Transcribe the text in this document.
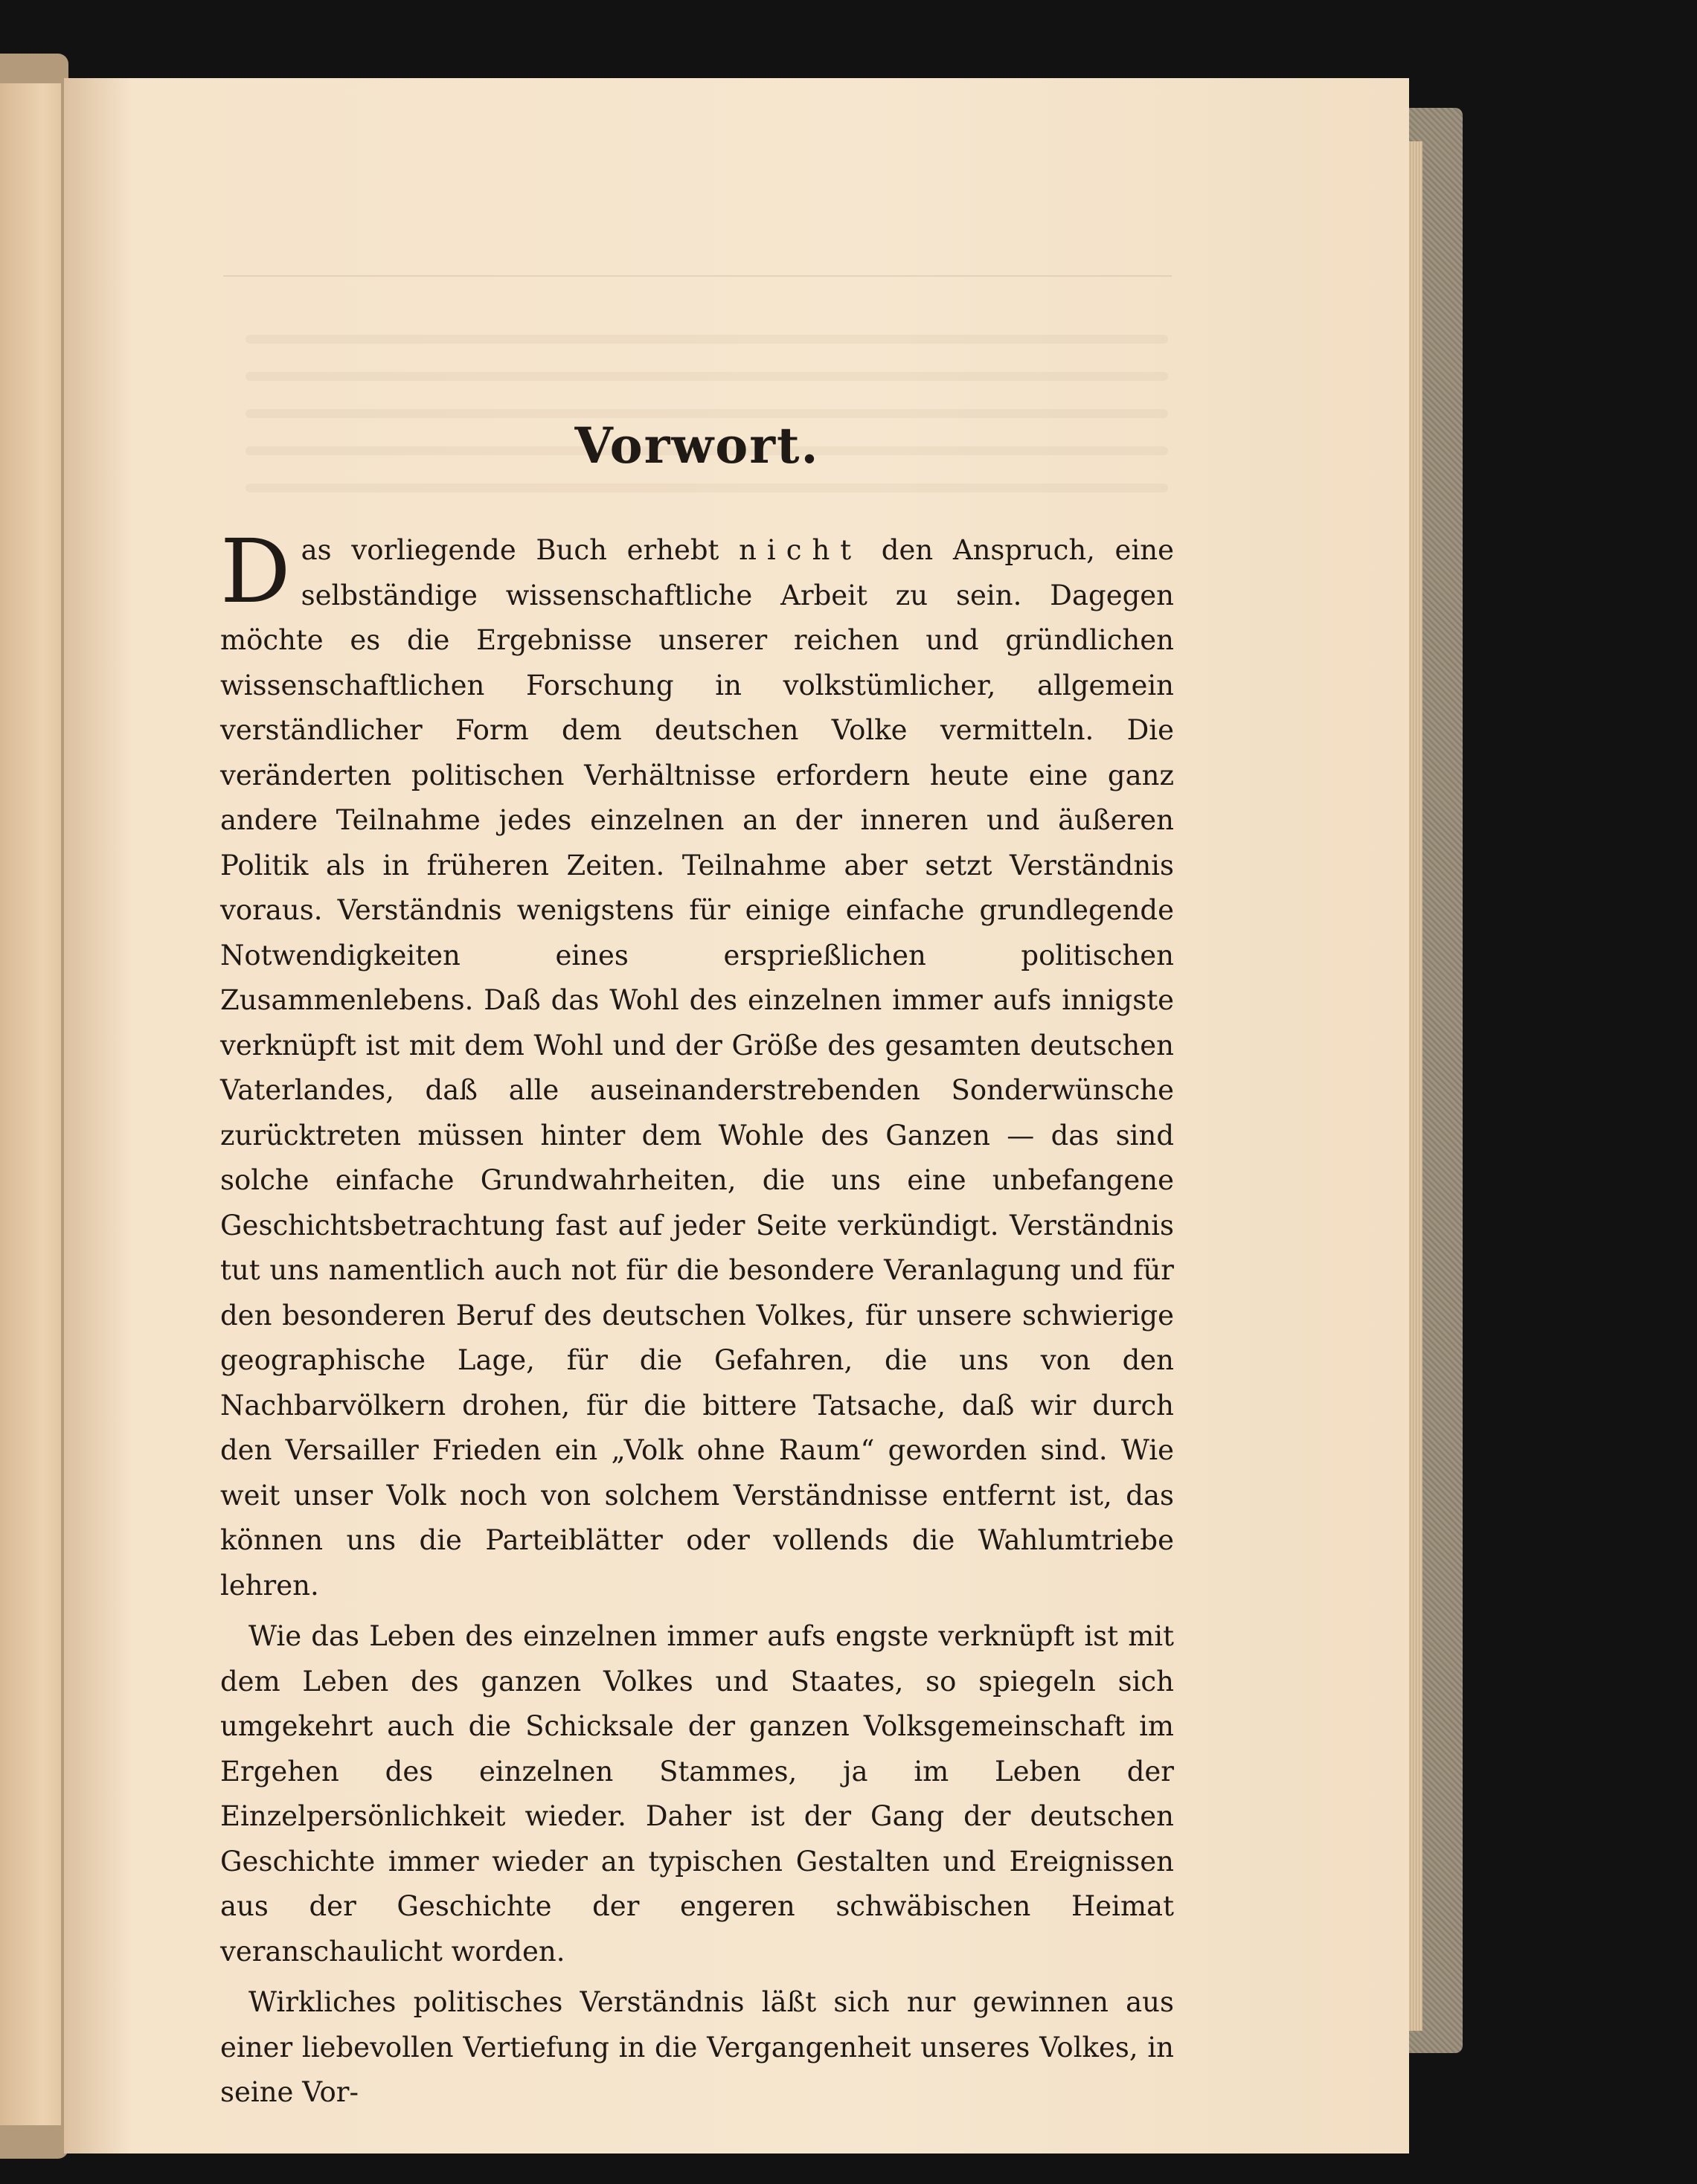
Vorwort.

Das vorliegende Buch erhebt nicht den Anspruch, eine selbständige wissenschaftliche Arbeit zu sein. Dagegen möchte es die Ergebnisse unserer reichen und gründlichen wissenschaftlichen Forschung in volkstümlicher, allgemein verständlicher Form dem deutschen Volke vermitteln. Die veränderten politischen Verhältnisse erfordern heute eine ganz andere Teilnahme jedes einzelnen an der inneren und äußeren Politik als in früheren Zeiten. Teilnahme aber setzt Verständnis voraus. Verständnis wenigstens für einige einfache grundlegende Notwendigkeiten eines ersprießlichen politischen Zusammenlebens. Daß das Wohl des einzelnen immer aufs innigste verknüpft ist mit dem Wohl und der Größe des gesamten deutschen Vaterlandes, daß alle auseinanderstrebenden Sonderwünsche zurücktreten müssen hinter dem Wohle des Ganzen — das sind solche einfache Grundwahrheiten, die uns eine unbefangene Geschichtsbetrachtung fast auf jeder Seite verkündigt. Verständnis tut uns namentlich auch not für die besondere Veranlagung und für den besonderen Beruf des deutschen Volkes, für unsere schwierige geographische Lage, für die Gefahren, die uns von den Nachbarvölkern drohen, für die bittere Tatsache, daß wir durch den Versailler Frieden ein „Volk ohne Raum“ geworden sind. Wie weit unser Volk noch von solchem Verständnisse entfernt ist, das können uns die Parteiblätter oder vollends die Wahlumtriebe lehren.

Wie das Leben des einzelnen immer aufs engste verknüpft ist mit dem Leben des ganzen Volkes und Staates, so spiegeln sich umgekehrt auch die Schicksale der ganzen Volksgemeinschaft im Ergehen des einzelnen Stammes, ja im Leben der Einzelpersönlichkeit wieder. Daher ist der Gang der deutschen Geschichte immer wieder an typischen Gestalten und Ereignissen aus der Geschichte der engeren schwäbischen Heimat veranschaulicht worden.

Wirkliches politisches Verständnis läßt sich nur gewinnen aus einer liebevollen Vertiefung in die Vergangenheit unseres Volkes, in seine Vor-
